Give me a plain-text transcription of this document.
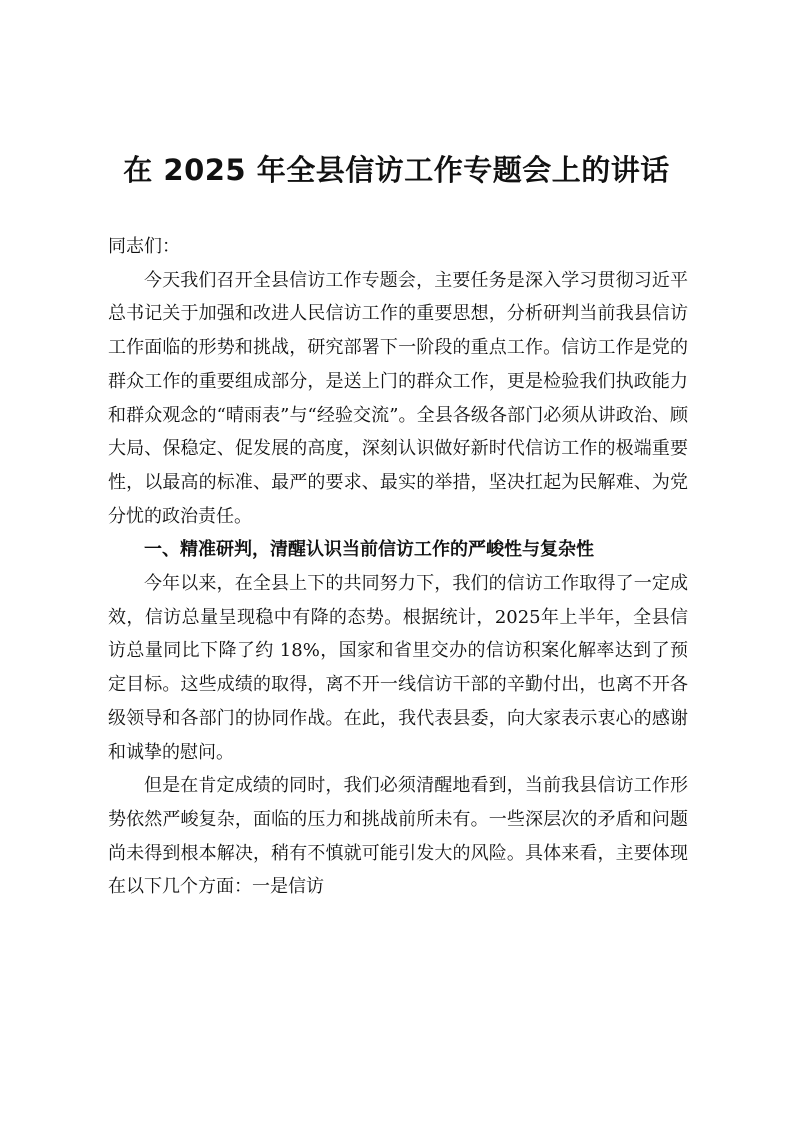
在 2025 年全县信访工作专题会上的讲话

同志们：

今天我们召开全县信访工作专题会，主要任务是深入学习贯彻习近平总书记关于加强和改进人民信访工作的重要思想，分析研判当前我县信访工作面临的形势和挑战，研究部署下一阶段的重点工作。信访工作是党的群众工作的重要组成部分，是送上门的群众工作，更是检验我们执政能力和群众观念的“晴雨表”与“经验交流”。全县各级各部门必须从讲政治、顾大局、保稳定、促发展的高度，深刻认识做好新时代信访工作的极端重要性，以最高的标准、最严的要求、最实的举措，坚决扛起为民解难、为党分忧的政治责任。

一、精准研判，清醒认识当前信访工作的严峻性与复杂性

今年以来，在全县上下的共同努力下，我们的信访工作取得了一定成效，信访总量呈现稳中有降的态势。根据统计，2025年上半年，全县信访总量同比下降了约 18%，国家和省里交办的信访积案化解率达到了预定目标。这些成绩的取得，离不开一线信访干部的辛勤付出，也离不开各级领导和各部门的协同作战。在此，我代表县委，向大家表示衷心的感谢和诚挚的慰问。

但是在肯定成绩的同时，我们必须清醒地看到，当前我县信访工作形势依然严峻复杂，面临的压力和挑战前所未有。一些深层次的矛盾和问题尚未得到根本解决，稍有不慎就可能引发大的风险。具体来看，主要体现在以下几个方面：一是信访
